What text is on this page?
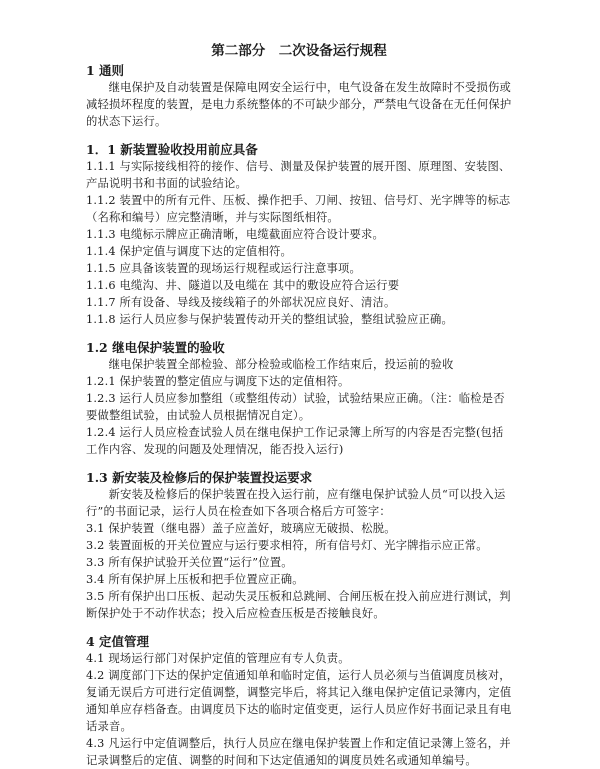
第二部分　二次设备运行规程
1 通则
继电保护及自动装置是保障电网安全运行中，电气设备在发生故障时不受损伤或减轻损坏程度的装置，是电力系统整体的不可缺少部分，严禁电气设备在无任何保护的状态下运行。
1．1 新装置验收投用前应具备
1.1.1 与实际接线相符的接作、信号、测量及保护装置的展开图、原理图、安装图、产品说明书和书面的试验结论。
1.1.2 装置中的所有元件、压板、操作把手、刀闸、按钮、信号灯、光字牌等的标志（名称和编号）应完整清晰，并与实际图纸相符。
1.1.3 电缆标示牌应正确清晰，电缆截面应符合设计要求。
1.1.4 保护定值与调度下达的定值相符。
1.1.5 应具备该装置的现场运行规程或运行注意事项。
1.1.6 电缆沟、井、隧道以及电缆在 其中的敷设应符合运行要
1.1.7 所有设备、导线及接线箱子的外部状况应良好、清洁。
1.1.8 运行人员应参与保护装置传动开关的整组试验，整组试验应正确。
1.2 继电保护装置的验收
继电保护装置全部检验、部分检验或临检工作结束后，投运前的验收
1.2.1 保护装置的整定值应与调度下达的定值相符。
1.2.3 运行人员应参加整组（或整组传动）试验，试验结果应正确。（注：临检是否要做整组试验，由试验人员根据情况自定）。
1.2.4 运行人员应检查试验人员在继电保护工作记录簿上所写的内容是否完整(包括工作内容、发现的问题及处理情况，能否投入运行)
1.3 新安装及检修后的保护装置投运要求
新安装及检修后的保护装置在投入运行前，应有继电保护试验人员“可以投入运行”的书面记录，运行人员在检查如下各项合格后方可签字：
3.1 保护装置（继电器）盖子应盖好，玻璃应无破损、松脱。
3.2 装置面板的开关位置应与运行要求相符，所有信号灯、光字牌指示应正常。
3.3 所有保护试验开关位置“运行”位置。
3.4 所有保护屏上压板和把手位置应正确。
3.5 所有保护出口压板、起动失灵压板和总跳闸、合闸压板在投入前应进行测试，判断保护处于不动作状态；投入后应检查压板是否接触良好。
4 定值管理
4.1 现场运行部门对保护定值的管理应有专人负责。
4.2 调度部门下达的保护定值通知单和临时定值，运行人员必须与当值调度员核对，复诵无误后方可进行定值调整，调整完毕后，将其记入继电保护定值记录簿内，定值通知单应存档备查。由调度员下达的临时定值变更，运行人员应作好书面记录且有电话录音。
4.3 凡运行中定值调整后，执行人员应在继电保护装置上作和定值记录簿上签名，并记录调整后的定值、调整的时间和下达定值通知的调度员姓名或通知单编号。
